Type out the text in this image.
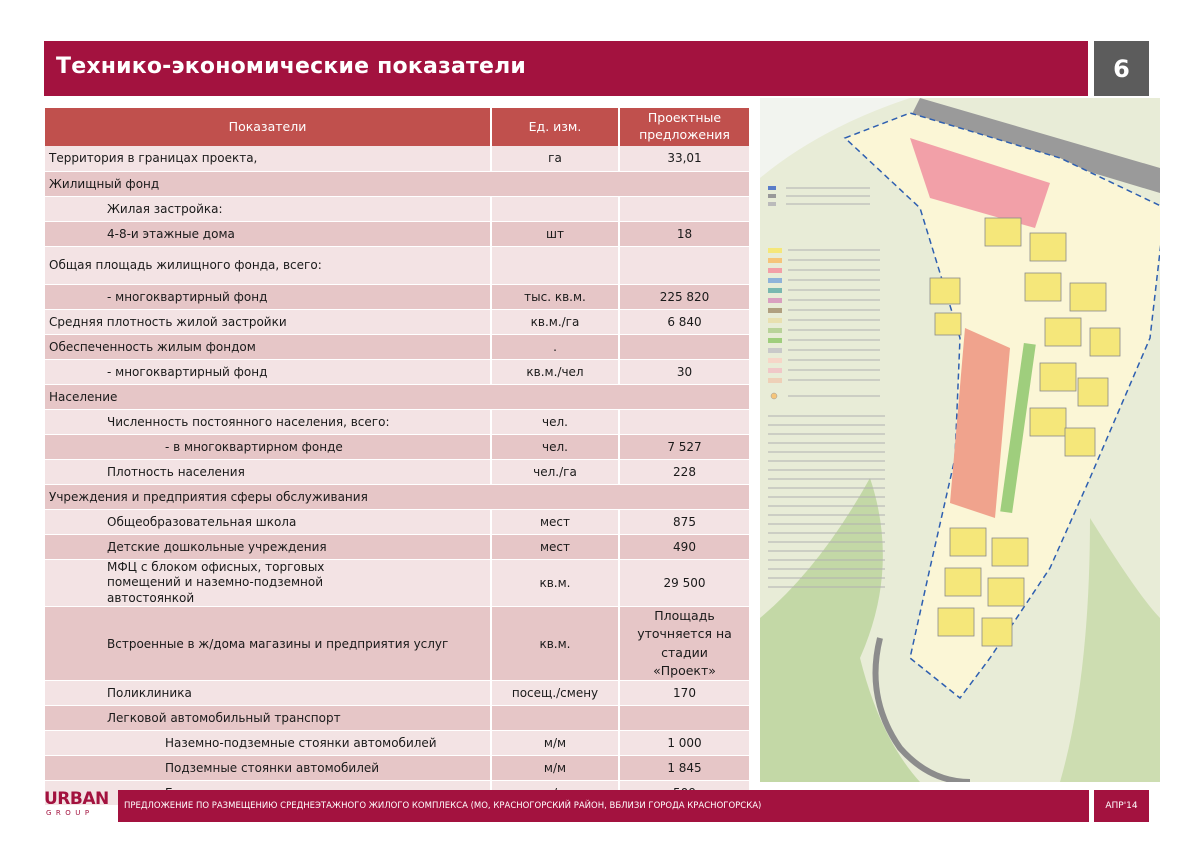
Технико-экономические показатели	6
Показатели	Ед. изм.	Проектные предложения
Территория в границах проекта,	га	33,01
Жилищный фонд		
Жилая застройка:		
4-8-и этажные дома	шт	18
Общая площадь жилищного фонда, всего:		
- многоквартирный фонд	тыс. кв.м.	225 820
Средняя плотность жилой застройки	кв.м./га	6 840
Обеспеченность жилым фондом	.	
- многоквартирный фонд	кв.м./чел	30
Население		
Численность постоянного населения, всего:	чел.	
- в многоквартирном фонде	чел.	7 527
Плотность населения	чел./га	228
Учреждения и предприятия сферы обслуживания		
Общеобразовательная школа	мест	875
Детские дошкольные учреждения	мест	490
МФЦ с блоком офисных, торговых помещений и наземно-подземной автостоянкой	кв.м.	29 500
Встроенные в ж/дома магазины и предприятия услуг	кв.м.	Площадь уточняется на стадии «Проект»
Поликлиника	посещ./смену	170
Легковой автомобильный транспорт		
Наземно-подземные стоянки автомобилей	м/м	1 000
Подземные стоянки автомобилей	м/м	1 845

URBAN
GROUP
ПРЕДЛОЖЕНИЕ ПО РАЗМЕЩЕНИЮ СРЕДНЕЭТАЖНОГО ЖИЛОГО КОМПЛЕКСА (МО, КРАСНОГОРСКИЙ РАЙОН, ВБЛИЗИ ГОРОДА КРАСНОГОРСКА)	АПР'14
